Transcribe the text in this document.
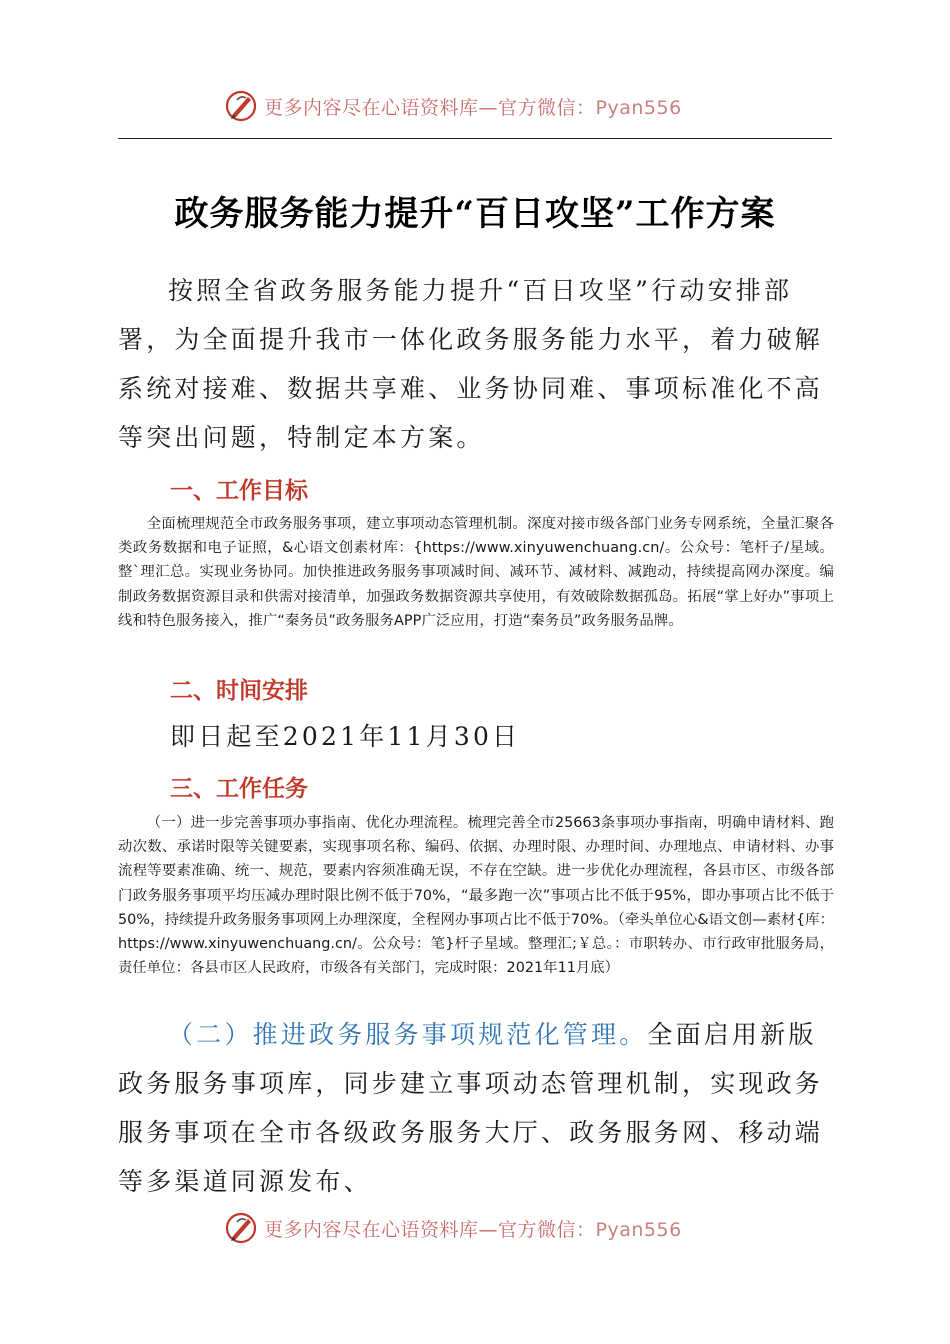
更多内容尽在心语资料库—官方微信：Pyan556
政务服务能力提升“百日攻坚”工作方案
按照全省政务服务能力提升“百日攻坚”行动安排部署，为全面提升我市一体化政务服务能力水平，着力破解系统对接难、数据共享难、业务协同难、事项标准化不高等突出问题，特制定本方案。
一、工作目标
全面梳理规范全市政务服务事项，建立事项动态管理机制。深度对接市级各部门业务专网系统，全量汇聚各类政务数据和电子证照，&心语文创素材库：{https://www.xinyuwenchuang.cn/。公众号：笔杆子/星域。整`理汇总。实现业务协同。加快推进政务服务事项减时间、减环节、减材料、减跑动，持续提高网办深度。编制政务数据资源目录和供需对接清单，加强政务数据资源共享使用，有效破除数据孤岛。拓展“掌上好办”事项上线和特色服务接入，推广“秦务员”政务服务APP广泛应用，打造“秦务员”政务服务品牌。
二、时间安排
即日起至2021年11月30日
三、工作任务
（一）进一步完善事项办事指南、优化办理流程。梳理完善全市25663条事项办事指南，明确申请材料、跑动次数、承诺时限等关键要素，实现事项名称、编码、依据、办理时限、办理时间、办理地点、申请材料、办事流程等要素准确、统一、规范，要素内容须准确无误，不存在空缺。进一步优化办理流程，各县市区、市级各部门政务服务事项平均压减办理时限比例不低于70%，“最多跑一次”事项占比不低于95%，即办事项占比不低于50%，持续提升政务服务事项网上办理深度，全程网办事项占比不低于70%。（牵头单位心&语文创—素材{库：https://www.xinyuwenchuang.cn/。公众号：笔}杆子星域。整理汇;￥总。：市职转办、市行政审批服务局，责任单位：各县市区人民政府，市级各有关部门，完成时限：2021年11月底）
（二）推进政务服务事项规范化管理。全面启用新版政务服务事项库，同步建立事项动态管理机制，实现政务服务事项在全市各级政务服务大厅、政务服务网、移动端等多渠道同源发布、
更多内容尽在心语资料库—官方微信：Pyan556
